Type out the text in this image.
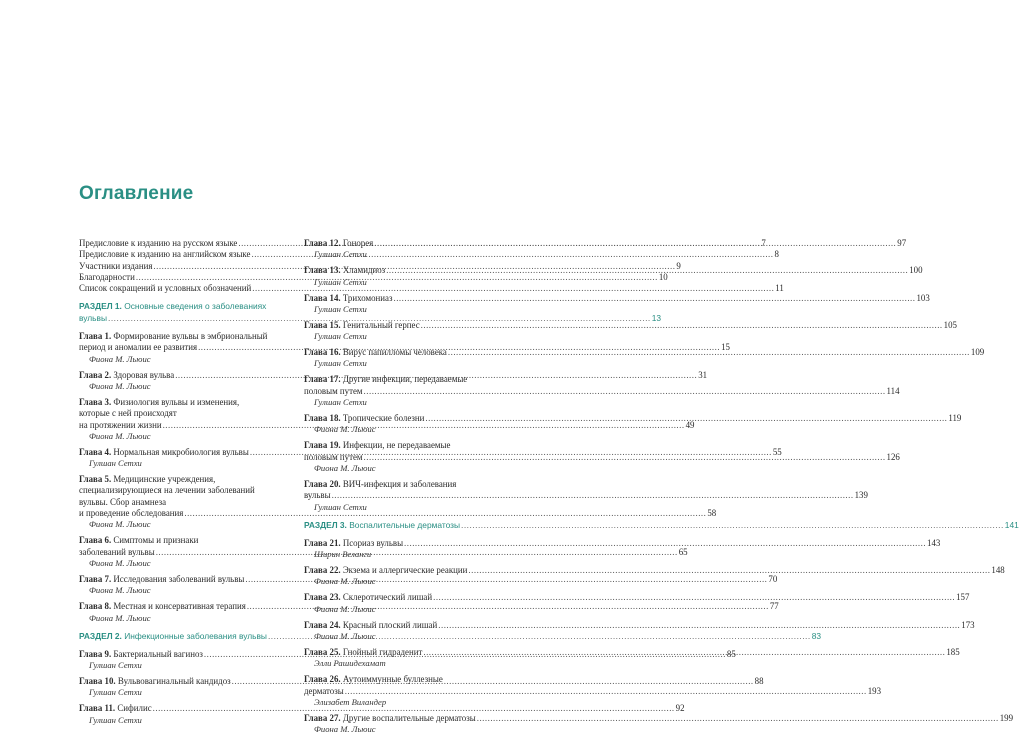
Оглавление
Предисловие к изданию на русском языке .....	7
Предисловие к изданию на английском языке .....	8
Участники издания .....	9
Благодарности .....	10
Список сокращений и условных обозначений .....	11
РАЗДЕЛ 1. Основные сведения о заболеваниях
вульвы .....	13
Глава 1. Формирование вульвы в эмбриональный
период и аномалии ее развития .....	15
Фиона М. Льюис
Глава 2. Здоровая вульва .....	31
Фиона М. Льюис
Глава 3. Физиология вульвы и изменения,
которые с ней происходят
на протяжении жизни .....	49
Фиона М. Льюис
Глава 4. Нормальная микробиология вульвы .....	55
Гулшан Сетхи
Глава 5. Медицинские учреждения,
специализирующиеся на лечении заболеваний
вульвы. Сбор анамнеза
и проведение обследования .....	58
Фиона М. Льюис
Глава 6. Симптомы и признаки
заболеваний вульвы .....	65
Фиона М. Льюис
Глава 7. Исследования заболеваний вульвы .....	70
Фиона М. Льюис
Глава 8. Местная и консервативная терапия .....	77
Фиона М. Льюис
РАЗДЕЛ 2. Инфекционные заболевания вульвы .....	83
Глава 9. Бактериальный вагиноз .....	85
Гулшан Сетхи
Глава 10. Вульвовагинальный кандидоз .....	88
Гулшан Сетхи
Глава 11. Сифилис .....	92
Гулшан Сетхи
Глава 12. Гонорея .....	97
Гулшан Сетхи
Глава 13. Хламидиоз .....	100
Гулшан Сетхи
Глава 14. Трихомониаз .....	103
Гулшан Сетхи
Глава 15. Генитальный герпес .....	105
Гулшан Сетхи
Глава 16. Вирус папилломы человека .....	109
Гулшан Сетхи
Глава 17. Другие инфекции, передаваемые
половым путем .....	114
Гулшан Сетхи
Глава 18. Тропические болезни .....	119
Фиона М. Льюис
Глава 19. Инфекции, не передаваемые
половым путем .....	126
Фиона М. Льюис
Глава 20. ВИЧ-инфекция и заболевания
вульвы .....	139
Гулшан Сетхи
РАЗДЕЛ 3. Воспалительные дерматозы .....	141
Глава 21. Псориаз вульвы .....	143
Ширин Веланги
Глава 22. Экзема и аллергические реакции .....	148
Фиона М. Льюис
Глава 23. Склеротический лишай .....	157
Фиона М. Льюис
Глава 24. Красный плоский лишай .....	173
Фиона М. Льюис
Глава 25. Гнойный гидраденит .....	185
Элли Рашидехамат
Глава 26. Аутоиммунные буллезные
дерматозы .....	193
Элизабет Виландер
Глава 27. Другие воспалительные дерматозы .....	199
Фиона М. Льюис
